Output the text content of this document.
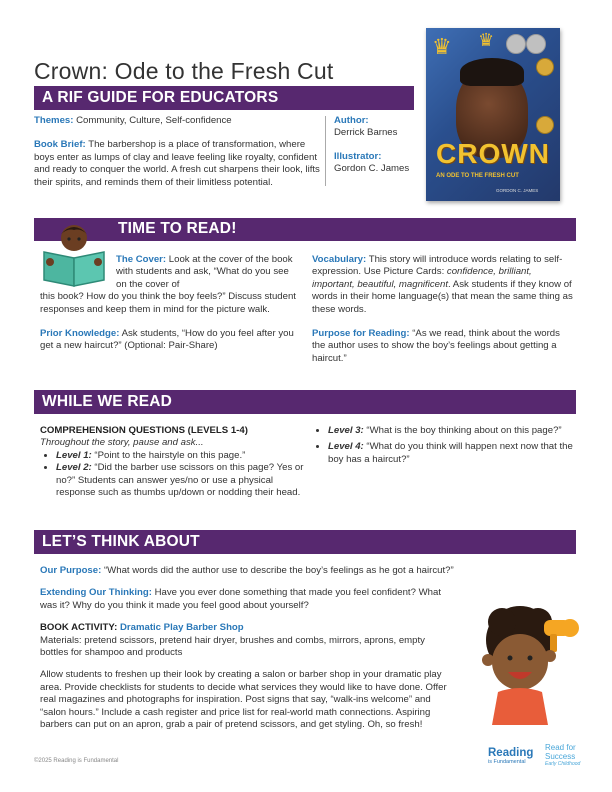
Crown: Ode to the Fresh Cut
♛ ♛
CROWN
AN ODE TO THE FRESH CUT
GORDON C. JAMES
A RIF GUIDE FOR EDUCATORS

Themes: Community, Culture, Self-confidence

Book Brief: The barbershop is a place of transformation, where boys enter as lumps of clay and leave feeling like royalty, confident and ready to conquer the world. A fresh cut sharpens their look, lifts their spirits, and reminds them of their limitless potential.

Author:

Derrick Barnes

Illustrator:

Gordon C. James

TIME TO READ!

The Cover: Look at the cover of the book with students and ask, “What do you see on the cover of

this book? How do you think the boy feels?” Discuss student responses and keep them in mind for the picture walk.

Prior Knowledge: Ask students, “How do you feel after you get a new haircut?” (Optional: Pair-Share)

Vocabulary: This story will introduce words relating to self-expression. Use Picture Cards: confidence, brilliant, important, beautiful, magnificent. Ask students if they know of words in their home language(s) that mean the same thing as these words.

Purpose for Reading: “As we read, think about the words the author uses to show the boy’s feelings about getting a haircut.”

WHILE WE READ

COMPREHENSION QUESTIONS (LEVELS 1-4)

Throughout the story, pause and ask...

• Level 1: “Point to the hairstyle on this page.”
• Level 2: “Did the barber use scissors on this page? Yes or no?” Students can answer yes/no or use a physical response such as thumbs up/down or nodding their head.
• Level 3: “What is the boy thinking about on this page?”
• Level 4: “What do you think will happen next now that the boy has a haircut?”
LET’S THINK ABOUT

Our Purpose: “What words did the author use to describe the boy’s feelings as he got a haircut?”

Extending Our Thinking: Have you ever done something that made you feel confident? What was it? Why do you think it made you feel good about yourself?

BOOK ACTIVITY: Dramatic Play Barber Shop

Materials: pretend scissors, pretend hair dryer, brushes and combs, mirrors, aprons, empty bottles for shampoo and products

Allow students to freshen up their look by creating a salon or barber shop in your dramatic play area. Provide checklists for students to decide what services they would like to have done. Offer real magazines and photographs for inspiration. Post signs that say, “walk-ins welcome” and “salon hours.” Include a cash register and price list for real-world math connections. Aspiring barbers can put on an apron, grab a pair of pretend scissors, and get styling. Oh, so fresh!

©2025 Reading is Fundamental
Reading
is Fundamental
Read for
Success
Early Childhood
